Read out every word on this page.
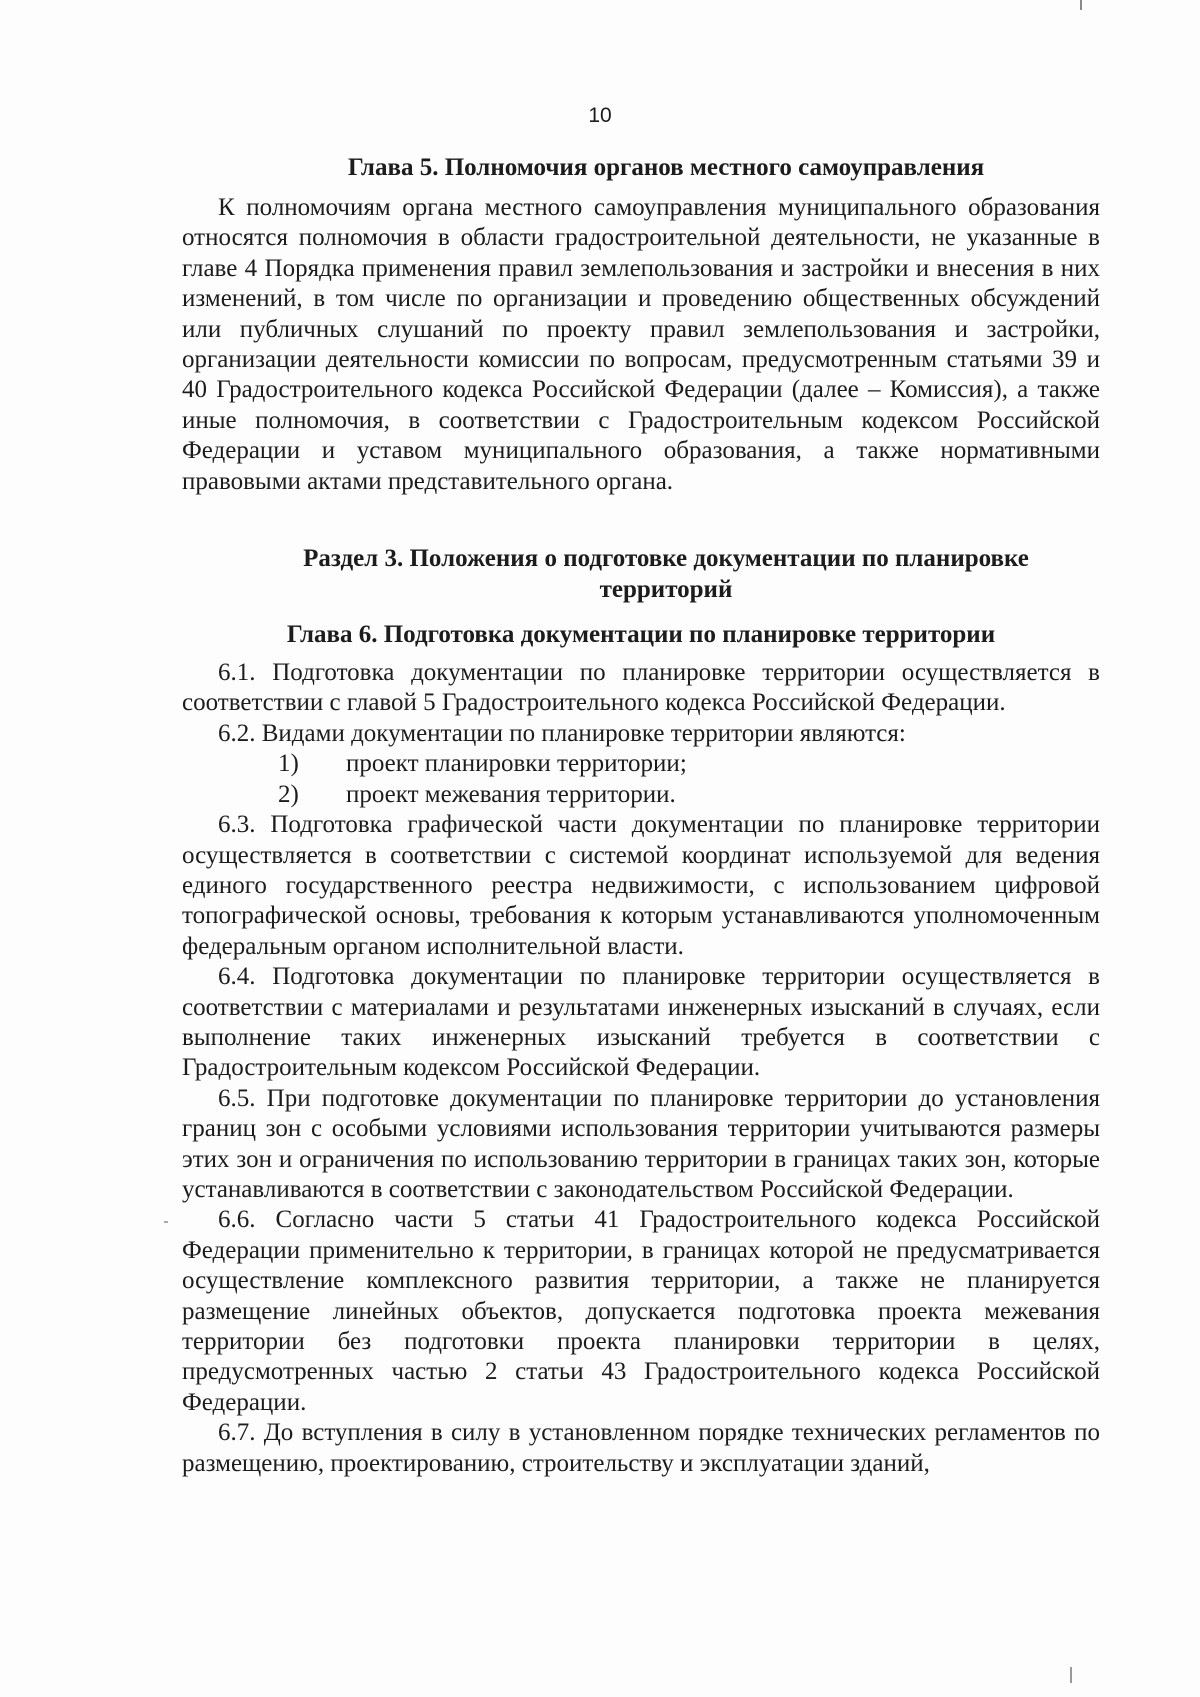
10
Глава 5. Полномочия органов местного самоуправления

К полномочиям органа местного самоуправления муниципального образования относятся полномочия в области градостроительной деятельности, не указанные в главе 4 Порядка применения правил землепользования и застройки и внесения в них изменений, в том числе по организации и проведению общественных обсуждений или публичных слушаний по проекту правил землепользования и застройки, организации деятельности комиссии по вопросам, предусмотренным статьями 39 и 40 Градостроительного кодекса Российской Федерации (далее – Комиссия), а также иные полномочия, в соответствии с Градостроительным кодексом Российской Федерации и уставом муниципального образования, а также нормативными правовыми актами представительного органа.

Раздел 3. Положения о подготовке документации по планировке
территорий
Глава 6. Подготовка документации по планировке территории

6.1. Подготовка документации по планировке территории осуществляется в соответствии с главой 5 Градостроительного кодекса Российской Федерации.

6.2. Видами документации по планировке территории являются:

1)	проект планировки территории;
2)	проект межевания территории.

6.3. Подготовка графической части документации по планировке территории осуществляется в соответствии с системой координат используемой для ведения единого государственного реестра недвижимости, с использованием цифровой топографической основы, требования к которым устанавливаются уполномоченным федеральным органом исполнительной власти.

6.4. Подготовка документации по планировке территории осуществляется в соответствии с материалами и результатами инженерных изысканий в случаях, если выполнение таких инженерных изысканий требуется в соответствии с Градостроительным кодексом Российской Федерации.

6.5. При подготовке документации по планировке территории до установления границ зон с особыми условиями использования территории учитываются размеры этих зон и ограничения по использованию территории в границах таких зон, которые устанавливаются в соответствии с законодательством Российской Федерации.

6.6. Согласно части 5 статьи 41 Градостроительного кодекса Российской Федерации применительно к территории, в границах которой не предусматривается осуществление комплексного развития территории, а также не планируется размещение линейных объектов, допускается подготовка проекта межевания территории без подготовки проекта планировки территории в целях, предусмотренных частью 2 статьи 43 Градостроительного кодекса Российской Федерации.

6.7. До вступления в силу в установленном порядке технических регламентов по размещению, проектированию, строительству и эксплуатации зданий,
